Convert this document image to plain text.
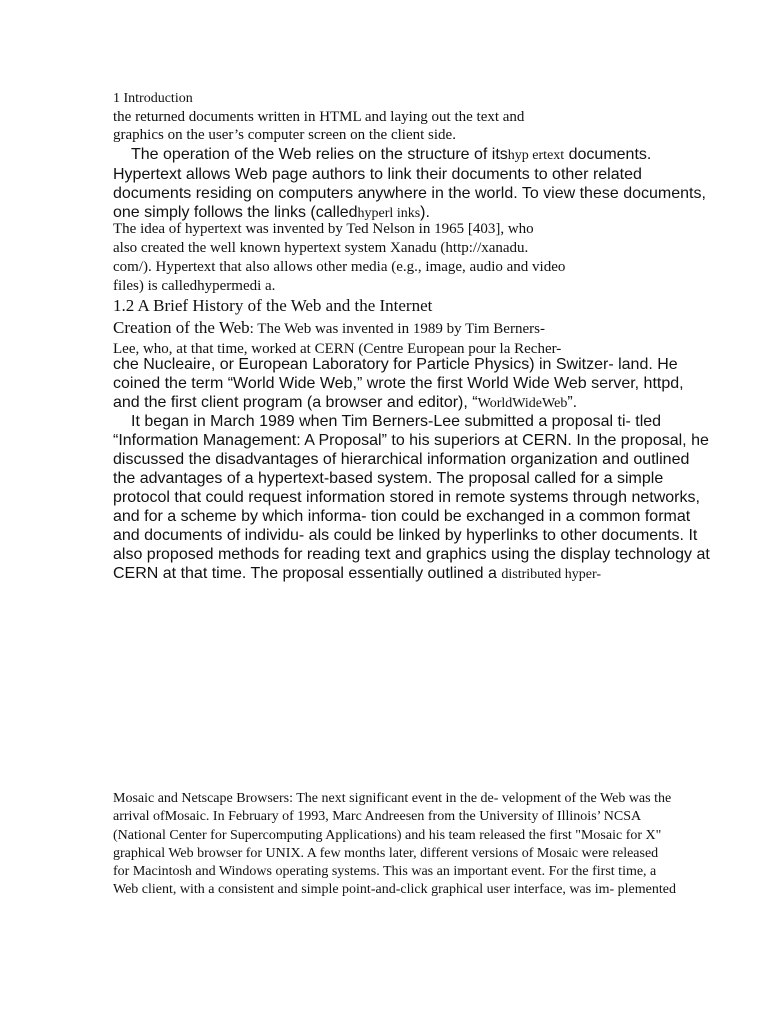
1 Introduction
the returned documents written in HTML and laying out the text and
graphics on the user’s computer screen on the client side.
The operation of the Web relies on the structure of itshyp ertext documents.
Hypertext allows Web page authors to link their documents to other related
documents residing on computers anywhere in the world. To view these documents,
one simply follows the links (calledhyperl inks).
The idea of hypertext was invented by Ted Nelson in 1965 [403], who
also created the well known hypertext system Xanadu (http://xanadu.
com/). Hypertext that also allows other media (e.g., image, audio and video
files) is calledhypermedi a.
1.2 A Brief History of the Web and the Internet
Creation of the Web: The Web was invented in 1989 by Tim Berners-
Lee, who, at that time, worked at CERN (Centre European pour la Recher-
che Nucleaire, or European Laboratory for Particle Physics) in Switzer- land. He
coined the term “World Wide Web,” wrote the first World Wide Web server, httpd,
and the first client program (a browser and editor), “WorldWideWeb”.
It began in March 1989 when Tim Berners-Lee submitted a proposal ti- tled
“Information Management: A Proposal” to his superiors at CERN. In the proposal, he
discussed the disadvantages of hierarchical information organization and outlined
the advantages of a hypertext-based system. The proposal called for a simple
protocol that could request information stored in remote systems through networks,
and for a scheme by which informa- tion could be exchanged in a common format
and documents of individu- als could be linked by hyperlinks to other documents. It
also proposed methods for reading text and graphics using the display technology at
CERN at that time. The proposal essentially outlined a distributed hyper-
Mosaic and Netscape Browsers: The next significant event in the de- velopment of the Web was the
arrival ofMosaic. In February of 1993, Marc Andreesen from the University of Illinois’ NCSA
(National Center for Supercomputing Applications) and his team released the first "Mosaic for X"
graphical Web browser for UNIX. A few months later, different versions of Mosaic were released
for Macintosh and Windows operating systems. This was an important event. For the first time, a
Web client, with a consistent and simple point-and-click graphical user interface, was im- plemented
